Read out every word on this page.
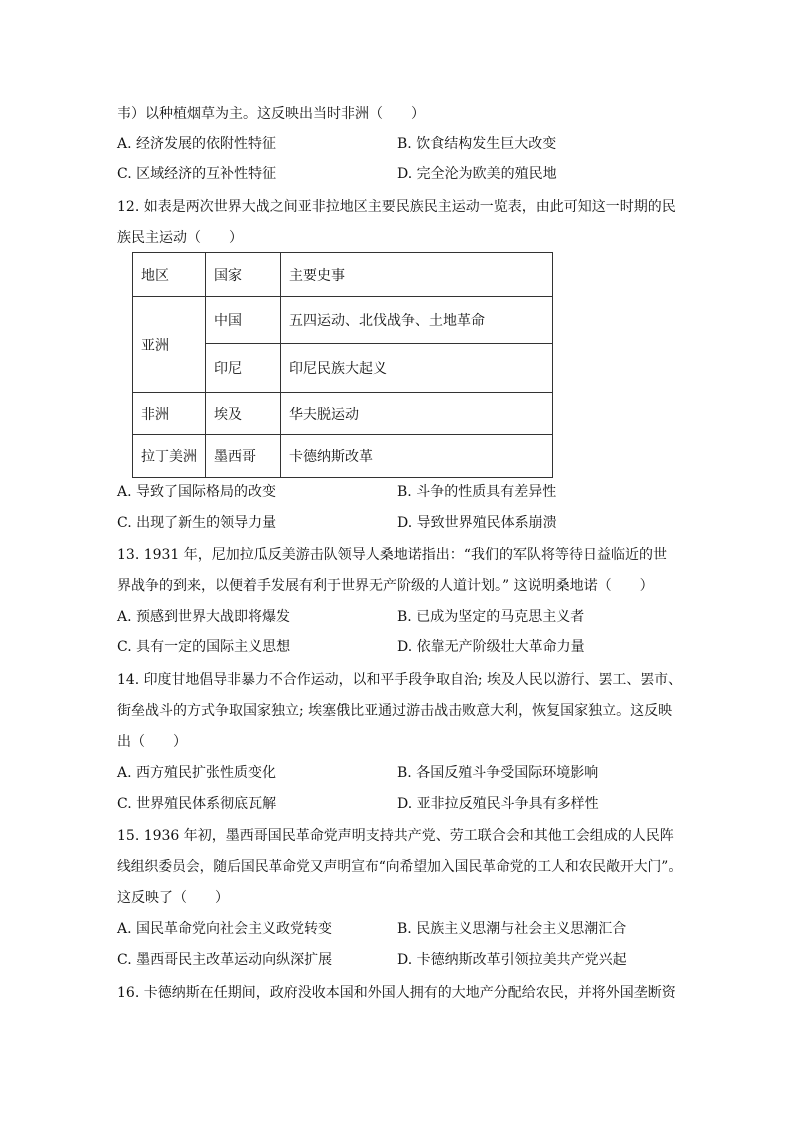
韦）以种植烟草为主。这反映出当时非洲（　　）
A. 经济发展的依附性特征	B. 饮食结构发生巨大改变
C. 区域经济的互补性特征	D. 完全沦为欧美的殖民地
12. 如表是两次世界大战之间亚非拉地区主要民族民主运动一览表，由此可知这一时期的民
族民主运动（　　）
地区	国家	主要史事
亚洲	中国	五四运动、北伐战争、土地革命
	印尼	印尼民族大起义
非洲	埃及	华夫脱运动
拉丁美洲	墨西哥	卡德纳斯改革
A. 导致了国际格局的改变	B. 斗争的性质具有差异性
C. 出现了新生的领导力量	D. 导致世界殖民体系崩溃
13. 1931 年，尼加拉瓜反美游击队领导人桑地诺指出：“我们的军队将等待日益临近的世
界战争的到来，以便着手发展有利于世界无产阶级的人道计划。” 这说明桑地诺（　　）
A. 预感到世界大战即将爆发	B. 已成为坚定的马克思主义者
C. 具有一定的国际主义思想	D. 依靠无产阶级壮大革命力量
14. 印度甘地倡导非暴力不合作运动，以和平手段争取自治; 埃及人民以游行、罢工、罢市、
街垒战斗的方式争取国家独立; 埃塞俄比亚通过游击战击败意大利，恢复国家独立。这反映
出（　　）
A. 西方殖民扩张性质变化	B. 各国反殖斗争受国际环境影响
C. 世界殖民体系彻底瓦解	D. 亚非拉反殖民斗争具有多样性
15. 1936 年初，墨西哥国民革命党声明支持共产党、劳工联合会和其他工会组成的人民阵
线组织委员会，随后国民革命党又声明宣布“向希望加入国民革命党的工人和农民敞开大门”。
这反映了（　　）
A. 国民革命党向社会主义政党转变	B. 民族主义思潮与社会主义思潮汇合
C. 墨西哥民主改革运动向纵深扩展	D. 卡德纳斯改革引领拉美共产党兴起
16. 卡德纳斯在任期间，政府没收本国和外国人拥有的大地产分配给农民，并将外国垄断资
